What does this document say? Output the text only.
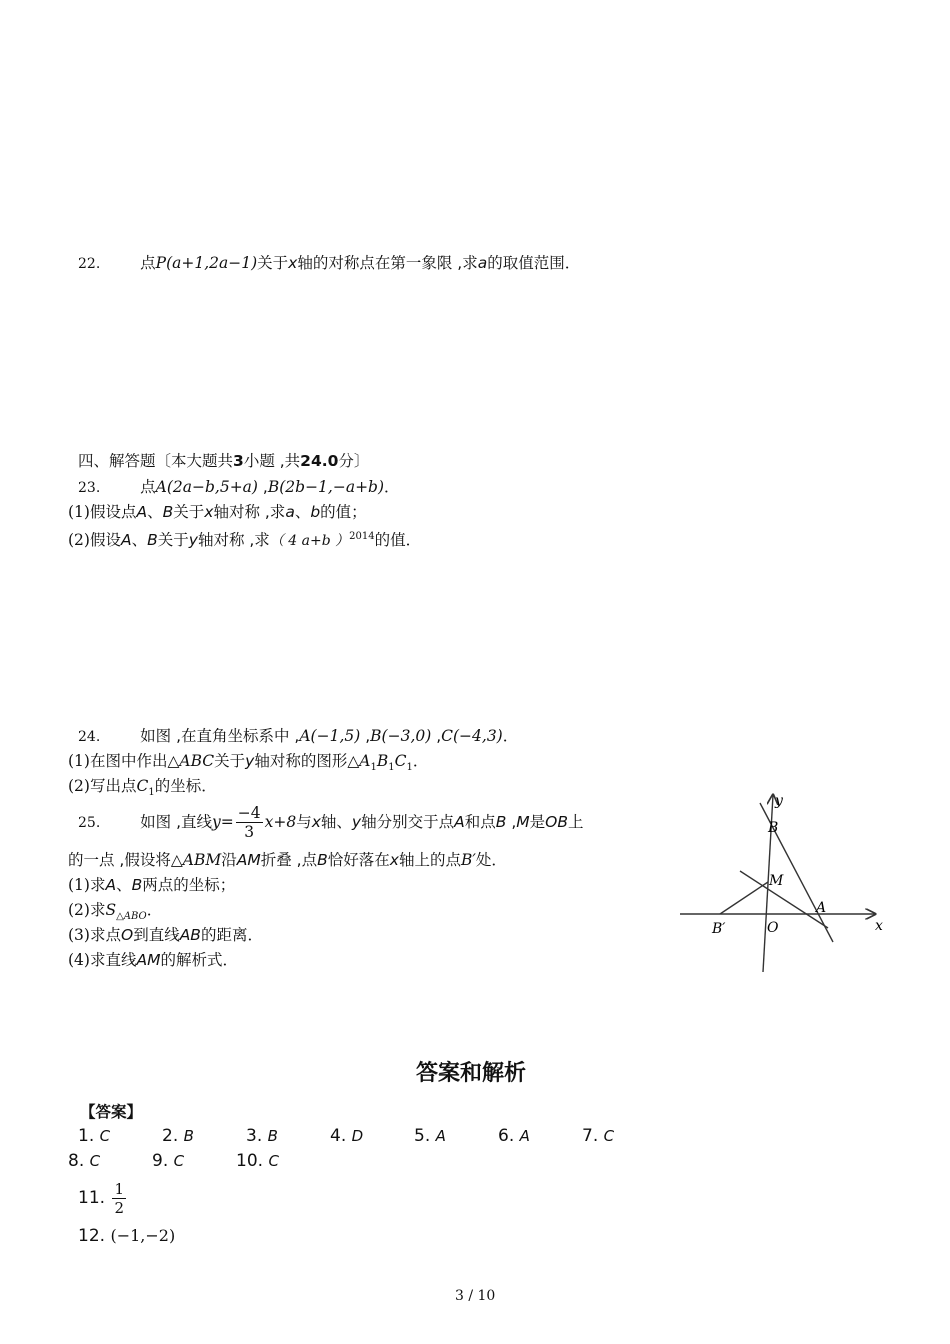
22.	点P(a+1,2a−1)关于x轴的对称点在第一象限 ,求a的取值范围．
四、解答题〔本大题共3小题 ,共24.0分〕
23.	点A(2a−b,5+a) ,B(2b−1,−a+b)．
(1)假设点A、B关于x轴对称 ,求a、b的值；
(2)假设A、B关于y轴对称 ,求（ 4 a+b ）$^{2014}$的值．
24.	如图 ,在直角坐标系中 ,A(−1,5) ,B(−3,0) ,C(−4,3)．
(1)在图中作出△ABC关于y轴对称的图形$\triangle A_1B_1C_1$．
(2)写出点$C_1$的坐标．
25.	如图 ,直线$y= \frac{-4}{3} x+8$与x轴、y轴分别交于点A和点B ,M是OB上
的一点 ,假设将△ABM沿AM折叠 ,点B恰好落在x轴上的点B′处．
(1)求A、B两点的坐标；
(2)求$S_{\triangle ABO}$．
(3)求点O到直线AB的距离．
(4)求直线AM的解析式．
y
x
B
M
A
B′	O
答案和解析
【答案】
1. C	2. B	3. B	4. D	5. A	6. A	7. C
8. C	9. C	10. C
11. $\frac{1}{2}$
12. (−1,−2)
3 / 10
